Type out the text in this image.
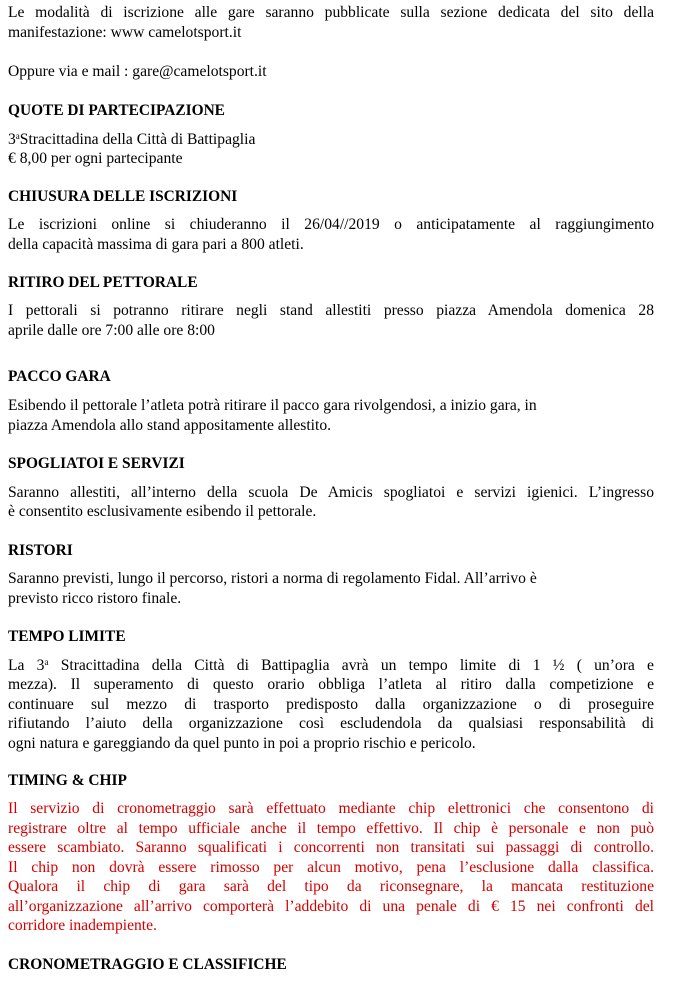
Le modalità di iscrizione alle gare saranno pubblicate sulla sezione dedicata del sito della
manifestazione: www camelotsport.it
Oppure via e mail : gare@camelotsport.it
QUOTE DI PARTECIPAZIONE
3$^a$Stracittadina della Città di Battipaglia
€ 8,00 per ogni partecipante
CHIUSURA DELLE ISCRIZIONI
Le iscrizioni online si chiuderanno il 26/04//2019 o anticipatamente al raggiungimento
della capacità massima di gara pari a 800 atleti.
RITIRO DEL PETTORALE
I pettorali si potranno ritirare negli stand allestiti presso piazza Amendola domenica 28
aprile dalle ore 7:00 alle ore 8:00
PACCO GARA
Esibendo il pettorale l’atleta potrà ritirare il pacco gara rivolgendosi, a inizio gara, in
piazza Amendola allo stand appositamente allestito.
SPOGLIATOI E SERVIZI
Saranno allestiti, all’interno della scuola De Amicis spogliatoi e servizi igienici. L’ingresso
è consentito esclusivamente esibendo il pettorale.
RISTORI
Saranno previsti, lungo il percorso, ristori a norma di regolamento Fidal. All’arrivo è
previsto ricco ristoro finale.
TEMPO LIMITE
La 3$^a$ Stracittadina della Città di Battipaglia avrà un tempo limite di 1 ½ ( un’ora e
mezza). Il superamento di questo orario obbliga l’atleta al ritiro dalla competizione e
continuare sul mezzo di trasporto predisposto dalla organizzazione o di proseguire
rifiutando l’aiuto della organizzazione così escludendola da qualsiasi responsabilità di
ogni natura e gareggiando da quel punto in poi a proprio rischio e pericolo.
TIMING & CHIP
Il servizio di cronometraggio sarà effettuato mediante chip elettronici che consentono di
registrare oltre al tempo ufficiale anche il tempo effettivo. Il chip è personale e non può
essere scambiato. Saranno squalificati i concorrenti non transitati sui passaggi di controllo.
Il chip non dovrà essere rimosso per alcun motivo, pena l’esclusione dalla classifica.
Qualora il chip di gara sarà del tipo da riconsegnare, la mancata restituzione
all’organizzazione all’arrivo comporterà l’addebito di una penale di € 15 nei confronti del
corridore inadempiente.
CRONOMETRAGGIO E CLASSIFICHE
